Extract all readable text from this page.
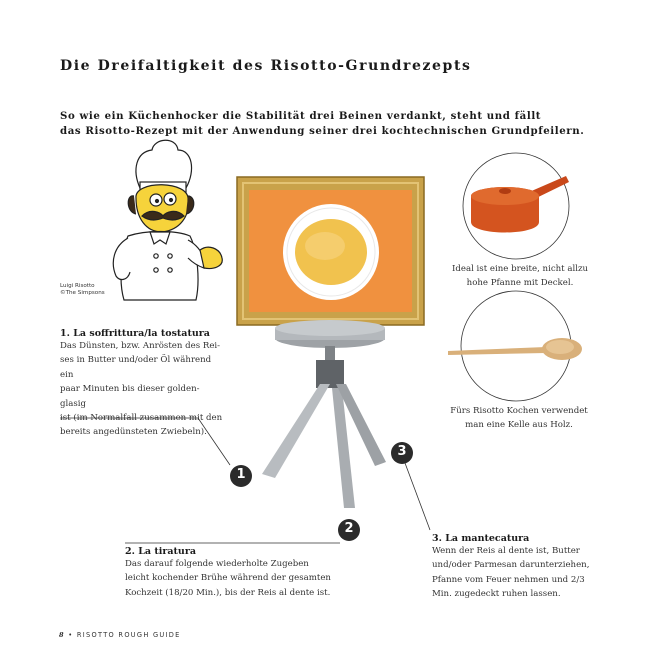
Die Dreifaltigkeit des Risotto-Grundrezepts
So wie ein Küchenhocker die Stabilität drei Beinen verdankt, steht und fällt
das Risotto-Rezept mit der Anwendung seiner drei kochtechnischen Grundpfeilern.
Luigi Risotto
©The Simpsons
1. La soffrittura/la tostatura
Das Dünsten, bzw. Anrösten des Rei-
ses in Butter und/oder Öl während ein
paar Minuten bis dieser golden-glasig
ist (im Normalfall zusammen mit den
bereits angedünsteten Zwiebeln).
2. La tiratura
Das darauf folgende wiederholte Zugeben
leicht kochender Brühe während der gesamten
Kochzeit (18/20 Min.), bis der Reis al dente ist.
3. La mantecatura
Wenn der Reis al dente ist, Butter
und/oder Parmesan darunterziehen,
Pfanne vom Feuer nehmen und 2/3
Min. zugedeckt ruhen lassen.
1
2
3
Ideal ist eine breite, nicht allzu
hohe Pfanne mit Deckel.
Fürs Risotto Kochen verwendet
man eine Kelle aus Holz.
8 • RISOTTO ROUGH GUIDE
